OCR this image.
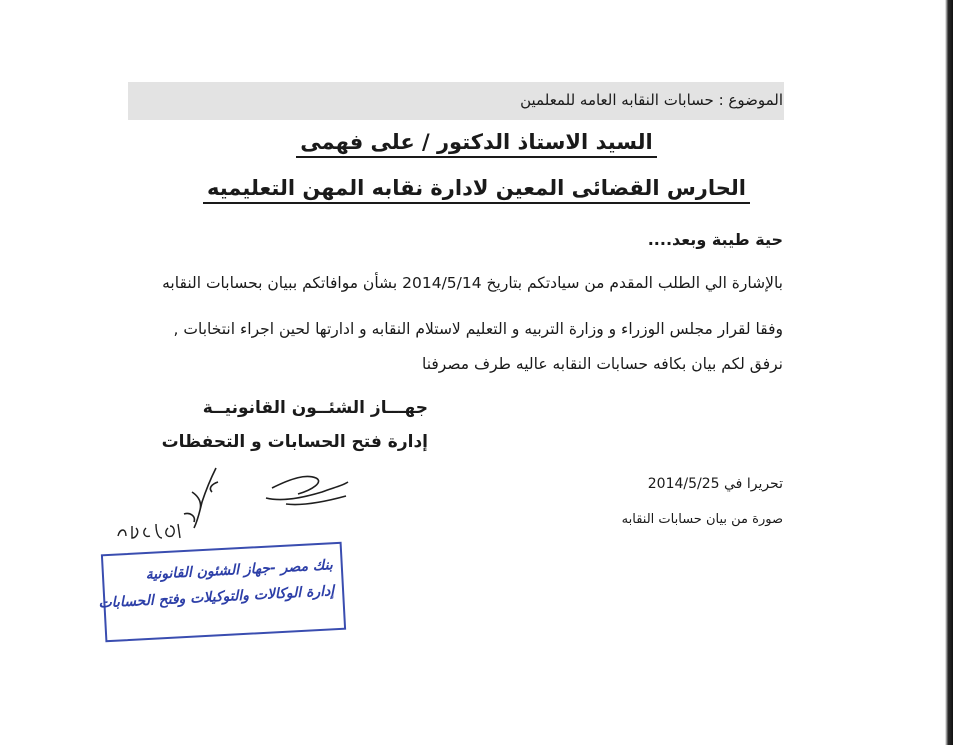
الموضوع : حسابات النقابه العامه للمعلمين
السيد الاستاذ الدكتور / على فهمى
الحارس القضائى المعين لادارة نقابه المهن التعليميه
حية طيبة وبعد....
بالإشارة الي الطلب المقدم من سيادتكم بتاريخ 2014/5/14 بشأن موافاتكم ببيان بحسابات النقابه
وفقا لقرار مجلس الوزراء و وزارة التربيه و التعليم لاستلام النقابه و ادارتها لحين اجراء انتخابات ,
نرفق لكم بيان بكافه حسابات النقابه عاليه طرف مصرفنا
جهـــاز الشئــون القانونيــة
إدارة فتح الحسابات و التحفظات
تحريرا في 2014/5/25
صورة من بيان حسابات النقابه
بنك مصر -جهاز الشئون القانونية
إدارة الوكالات والتوكيلات وفتح الحسابات
